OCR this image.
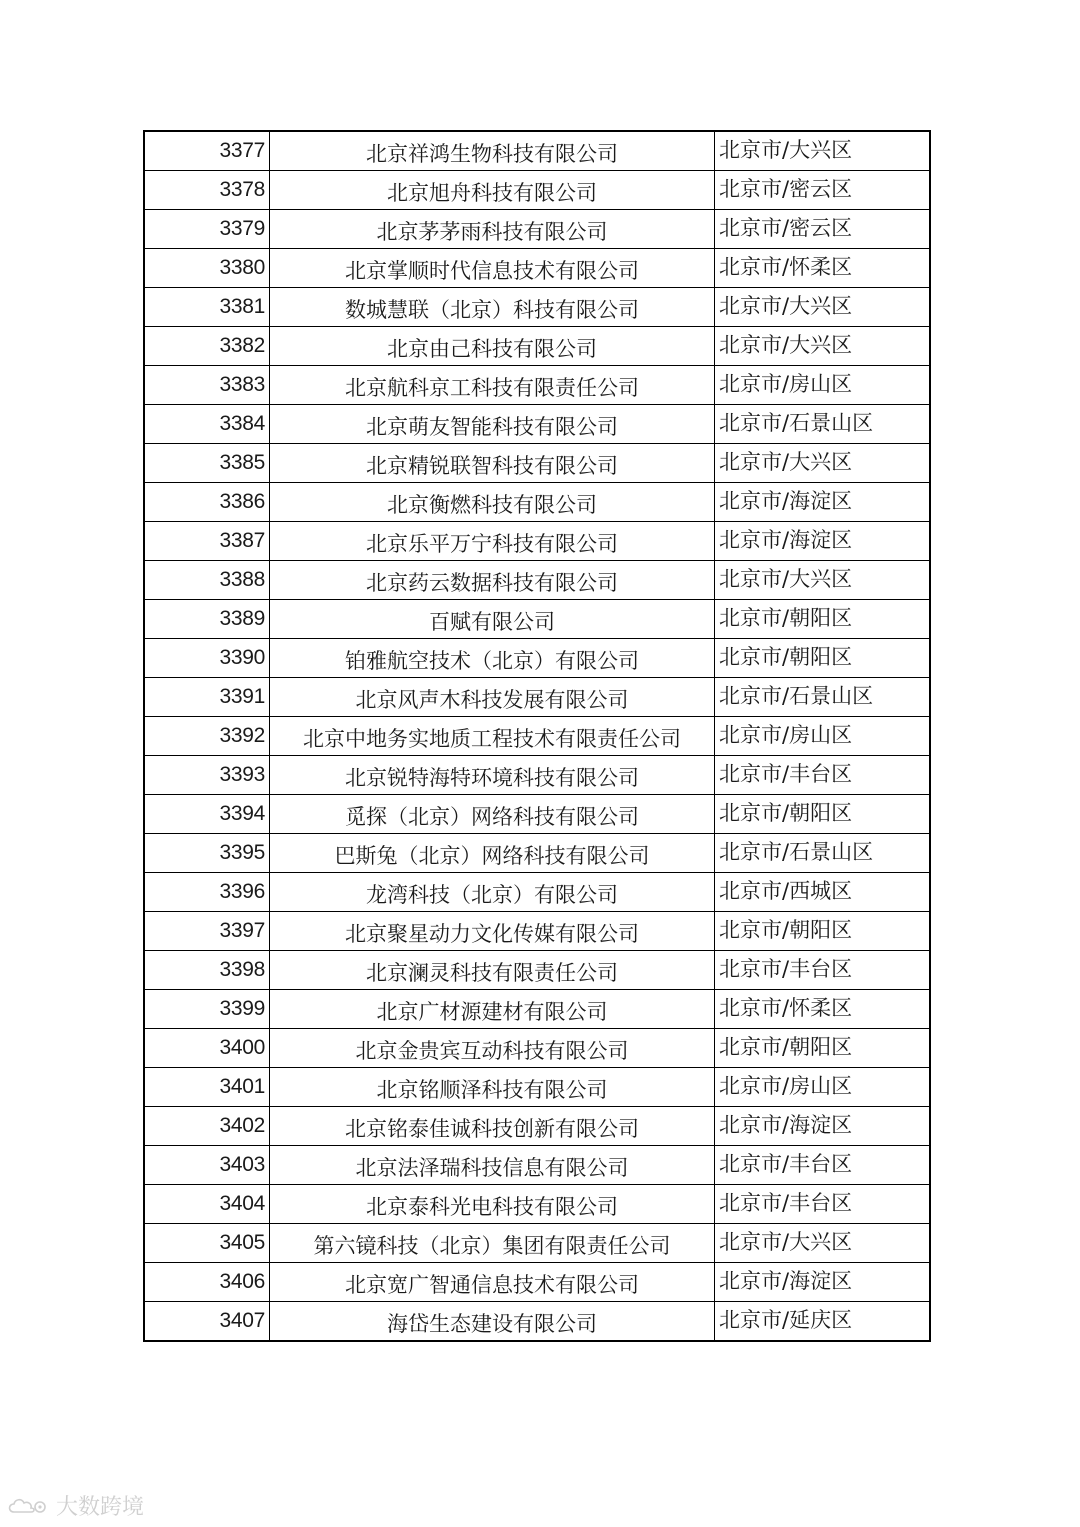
3377	北京祥鸿生物科技有限公司	北京市/大兴区
3378	北京旭舟科技有限公司	北京市/密云区
3379	北京茅茅雨科技有限公司	北京市/密云区
3380	北京掌顺时代信息技术有限公司	北京市/怀柔区
3381	数城慧联（北京）科技有限公司	北京市/大兴区
3382	北京由己科技有限公司	北京市/大兴区
3383	北京航科京工科技有限责任公司	北京市/房山区
3384	北京萌友智能科技有限公司	北京市/石景山区
3385	北京精锐联智科技有限公司	北京市/大兴区
3386	北京衡燃科技有限公司	北京市/海淀区
3387	北京乐平万宁科技有限公司	北京市/海淀区
3388	北京药云数据科技有限公司	北京市/大兴区
3389	百赋有限公司	北京市/朝阳区
3390	铂雅航空技术（北京）有限公司	北京市/朝阳区
3391	北京风声木科技发展有限公司	北京市/石景山区
3392	北京中地务实地质工程技术有限责任公司	北京市/房山区
3393	北京锐特海特环境科技有限公司	北京市/丰台区
3394	觅探（北京）网络科技有限公司	北京市/朝阳区
3395	巴斯兔（北京）网络科技有限公司	北京市/石景山区
3396	龙湾科技（北京）有限公司	北京市/西城区
3397	北京聚星动力文化传媒有限公司	北京市/朝阳区
3398	北京澜灵科技有限责任公司	北京市/丰台区
3399	北京广材源建材有限公司	北京市/怀柔区
3400	北京金贵宾互动科技有限公司	北京市/朝阳区
3401	北京铭顺泽科技有限公司	北京市/房山区
3402	北京铭泰佳诚科技创新有限公司	北京市/海淀区
3403	北京法泽瑞科技信息有限公司	北京市/丰台区
3404	北京泰科光电科技有限公司	北京市/丰台区
3405	第六镜科技（北京）集团有限责任公司	北京市/大兴区
3406	北京宽广智通信息技术有限公司	北京市/海淀区
3407	海岱生态建设有限公司	北京市/延庆区
大数跨境
